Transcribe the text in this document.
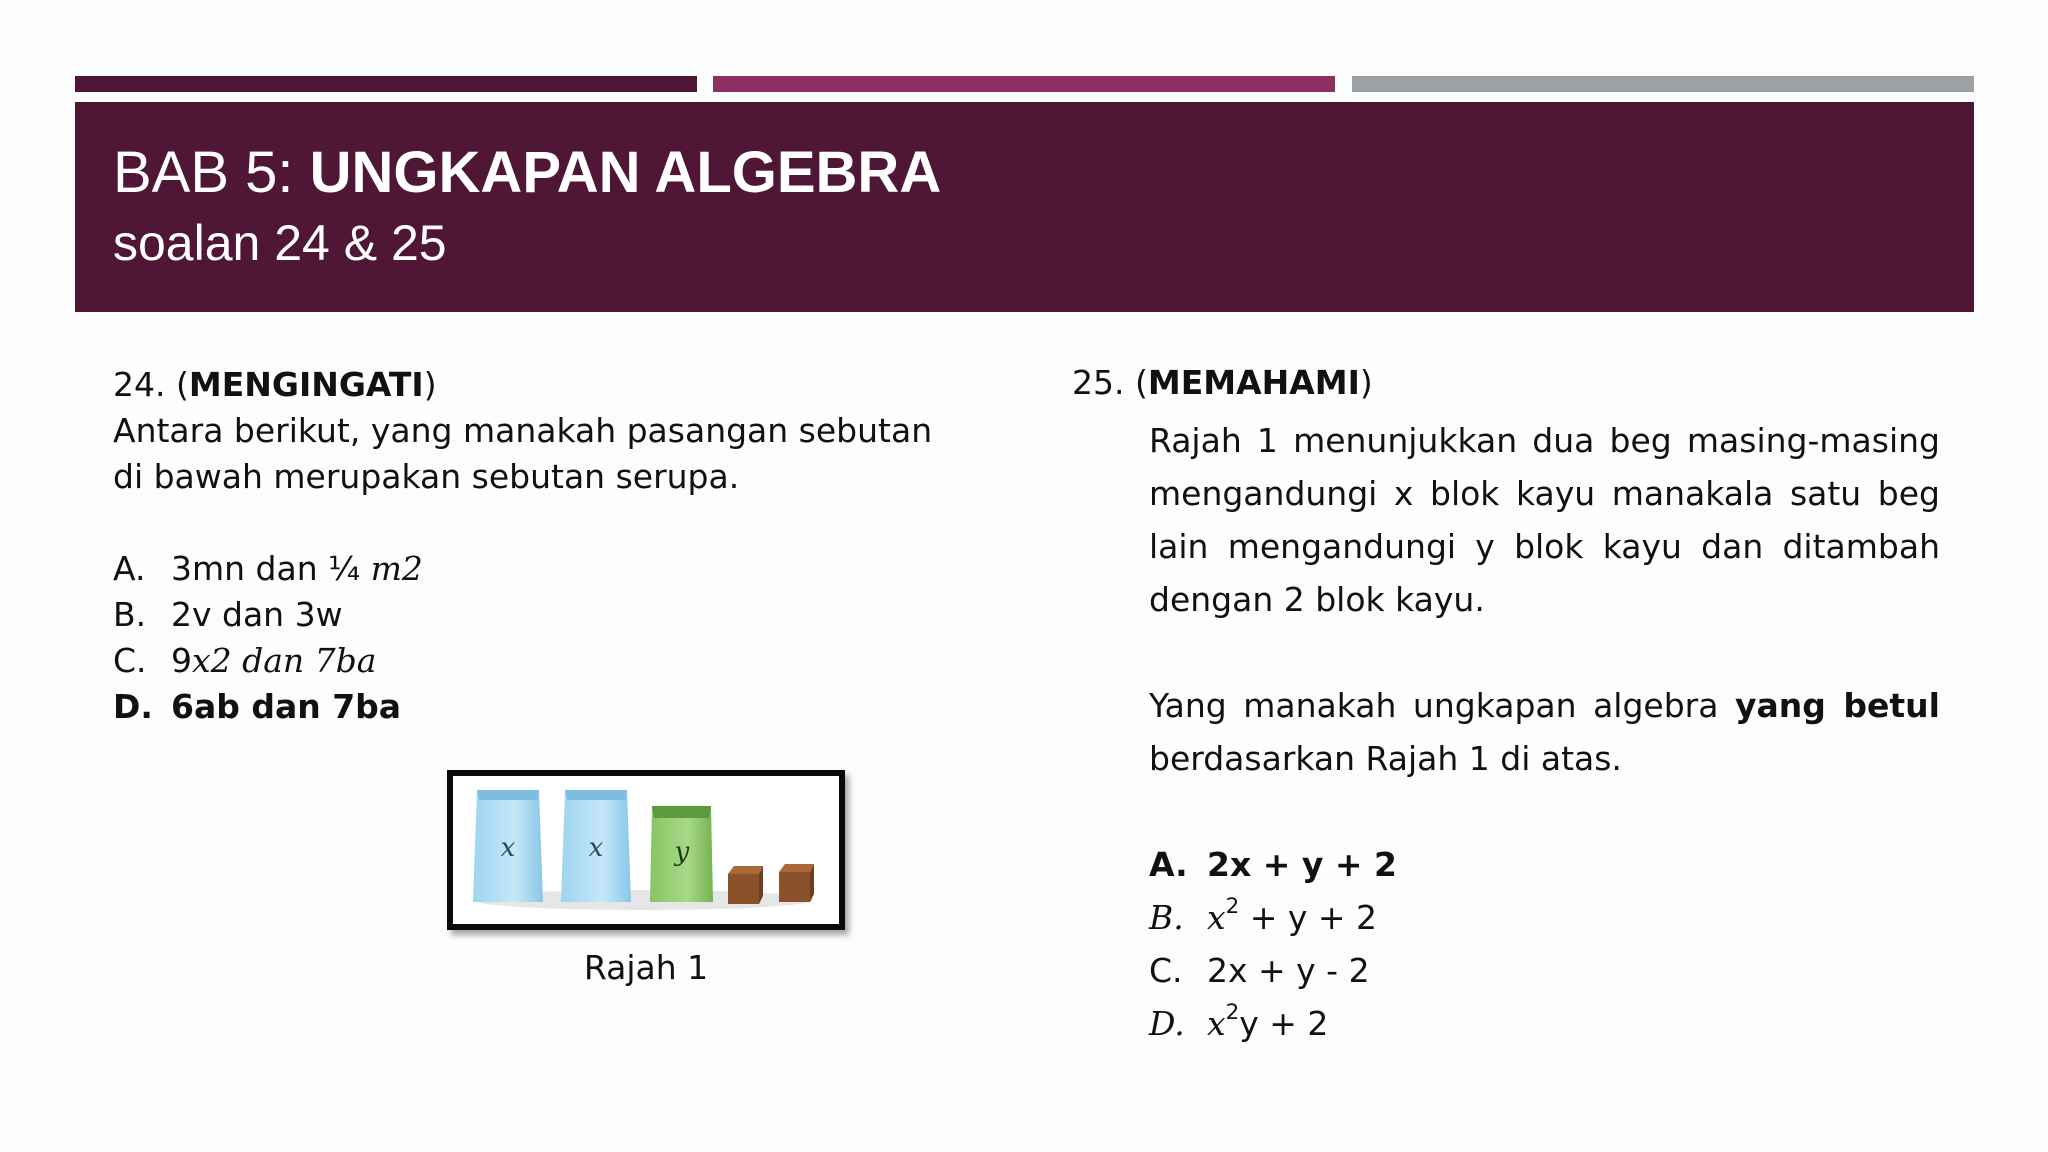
BAB 5: UNGKAPAN ALGEBRA
soalan 24 & 25
24. (MENGINGATI)
Antara berikut, yang manakah pasangan sebutan di bawah merupakan sebutan serupa.
A. 3mn dan ¼ m2
B. 2v dan 3w
C. 9x2 dan 7ba
D. 6ab dan 7ba
x	x	y
Rajah 1
25. (MEMAHAMI)
Rajah 1 menunjukkan dua beg masing-masing mengandungi x blok kayu manakala satu beg lain mengandungi y blok kayu dan ditambah dengan 2 blok kayu.
Yang manakah ungkapan algebra yang betul berdasarkan Rajah 1 di atas.
A. 2x + y + 2
B. $x^2 + y + 2$
C. 2x + y - 2
D. $x^2y + 2$
